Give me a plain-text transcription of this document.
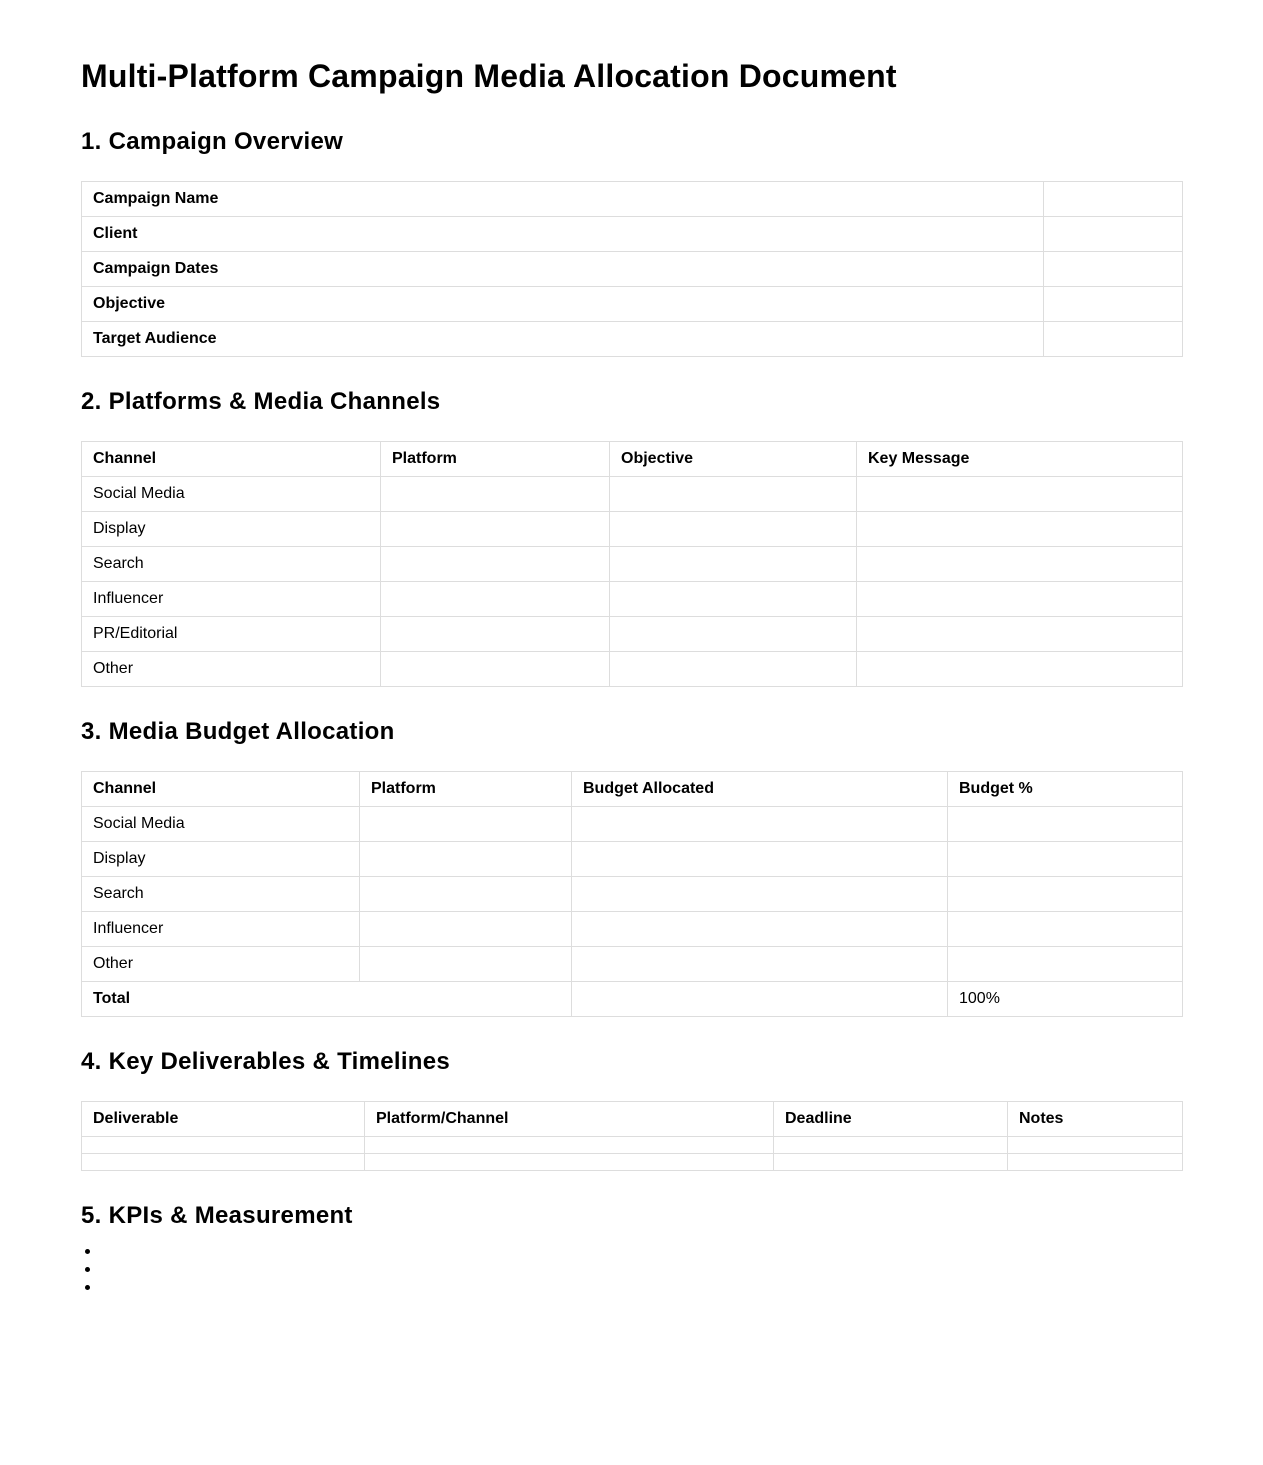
Multi-Platform Campaign Media Allocation Document
1. Campaign Overview
Campaign Name	
Client	
Campaign Dates	
Objective	
Target Audience	
2. Platforms & Media Channels
Channel	Platform	Objective	Key Message
Social Media			
Display			
Search			
Influencer			
PR/Editorial			
Other			
3. Media Budget Allocation
Channel	Platform	Budget Allocated	Budget %
Social Media			
Display			
Search			
Influencer			
Other			
Total			100%
4. Key Deliverables & Timelines
Deliverable	Platform/Channel	Deadline	Notes

5. KPIs & Measurement
